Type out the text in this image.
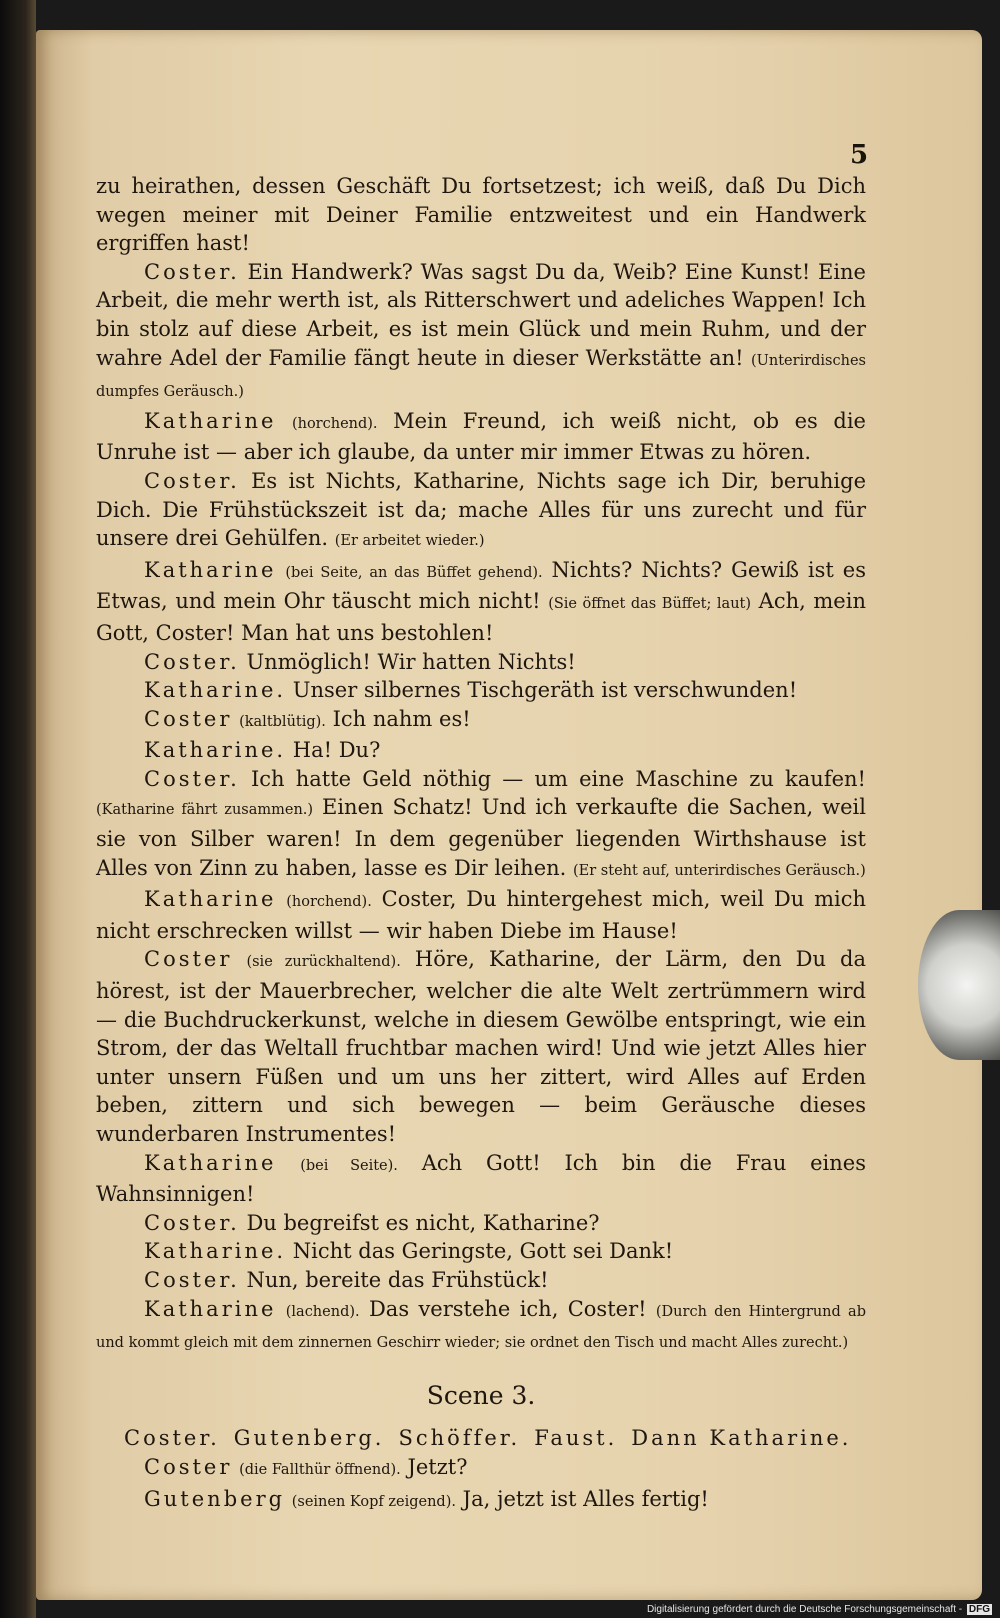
5

zu heirathen, dessen Geschäft Du fortsetzest; ich weiß, daß Du Dich wegen meiner mit Deiner Familie entzweitest und ein Handwerk ergriffen hast!

Coster. Ein Handwerk? Was sagst Du da, Weib? Eine Kunst! Eine Arbeit, die mehr werth ist, als Ritterschwert und adeliches Wappen! Ich bin stolz auf diese Arbeit, es ist mein Glück und mein Ruhm, und der wahre Adel der Familie fängt heute in dieser Werkstätte an! (Unterirdisches dumpfes Geräusch.)

Katharine (horchend). Mein Freund, ich weiß nicht, ob es die Unruhe ist — aber ich glaube, da unter mir immer Etwas zu hören.

Coster. Es ist Nichts, Katharine, Nichts sage ich Dir, beruhige Dich. Die Frühstückszeit ist da; mache Alles für uns zurecht und für unsere drei Gehülfen. (Er arbeitet wieder.)

Katharine (bei Seite, an das Büffet gehend). Nichts? Nichts? Gewiß ist es Etwas, und mein Ohr täuscht mich nicht! (Sie öffnet das Büffet; laut) Ach, mein Gott, Coster! Man hat uns bestohlen!

Coster. Unmöglich! Wir hatten Nichts!

Katharine. Unser silbernes Tischgeräth ist verschwunden!

Coster (kaltblütig). Ich nahm es!

Katharine. Ha! Du?

Coster. Ich hatte Geld nöthig — um eine Maschine zu kaufen! (Katharine fährt zusammen.) Einen Schatz! Und ich verkaufte die Sachen, weil sie von Silber waren! In dem gegenüber liegenden Wirthshause ist Alles von Zinn zu haben, lasse es Dir leihen. (Er steht auf, unterirdisches Geräusch.)

Katharine (horchend). Coster, Du hintergehest mich, weil Du mich nicht erschrecken willst — wir haben Diebe im Hause!

Coster (sie zurückhaltend). Höre, Katharine, der Lärm, den Du da hörest, ist der Mauerbrecher, welcher die alte Welt zertrümmern wird — die Buchdruckerkunst, welche in diesem Gewölbe entspringt, wie ein Strom, der das Weltall fruchtbar machen wird! Und wie jetzt Alles hier unter unsern Füßen und um uns her zittert, wird Alles auf Erden beben, zittern und sich bewegen — beim Geräusche dieses wunderbaren Instrumentes!

Katharine (bei Seite). Ach Gott! Ich bin die Frau eines Wahnsinnigen!

Coster. Du begreifst es nicht, Katharine?

Katharine. Nicht das Geringste, Gott sei Dank!

Coster. Nun, bereite das Frühstück!

Katharine (lachend). Das verstehe ich, Coster! (Durch den Hintergrund ab und kommt gleich mit dem zinnernen Geschirr wieder; sie ordnet den Tisch und macht Alles zurecht.)

Scene 3.
Coster. Gutenberg. Schöffer. Faust. Dann Katharine.

Coster (die Fallthür öffnend). Jetzt?

Gutenberg (seinen Kopf zeigend). Ja, jetzt ist Alles fertig!

Digitalisierung gefördert durch die Deutsche Forschungsgemeinschaft - DFG
